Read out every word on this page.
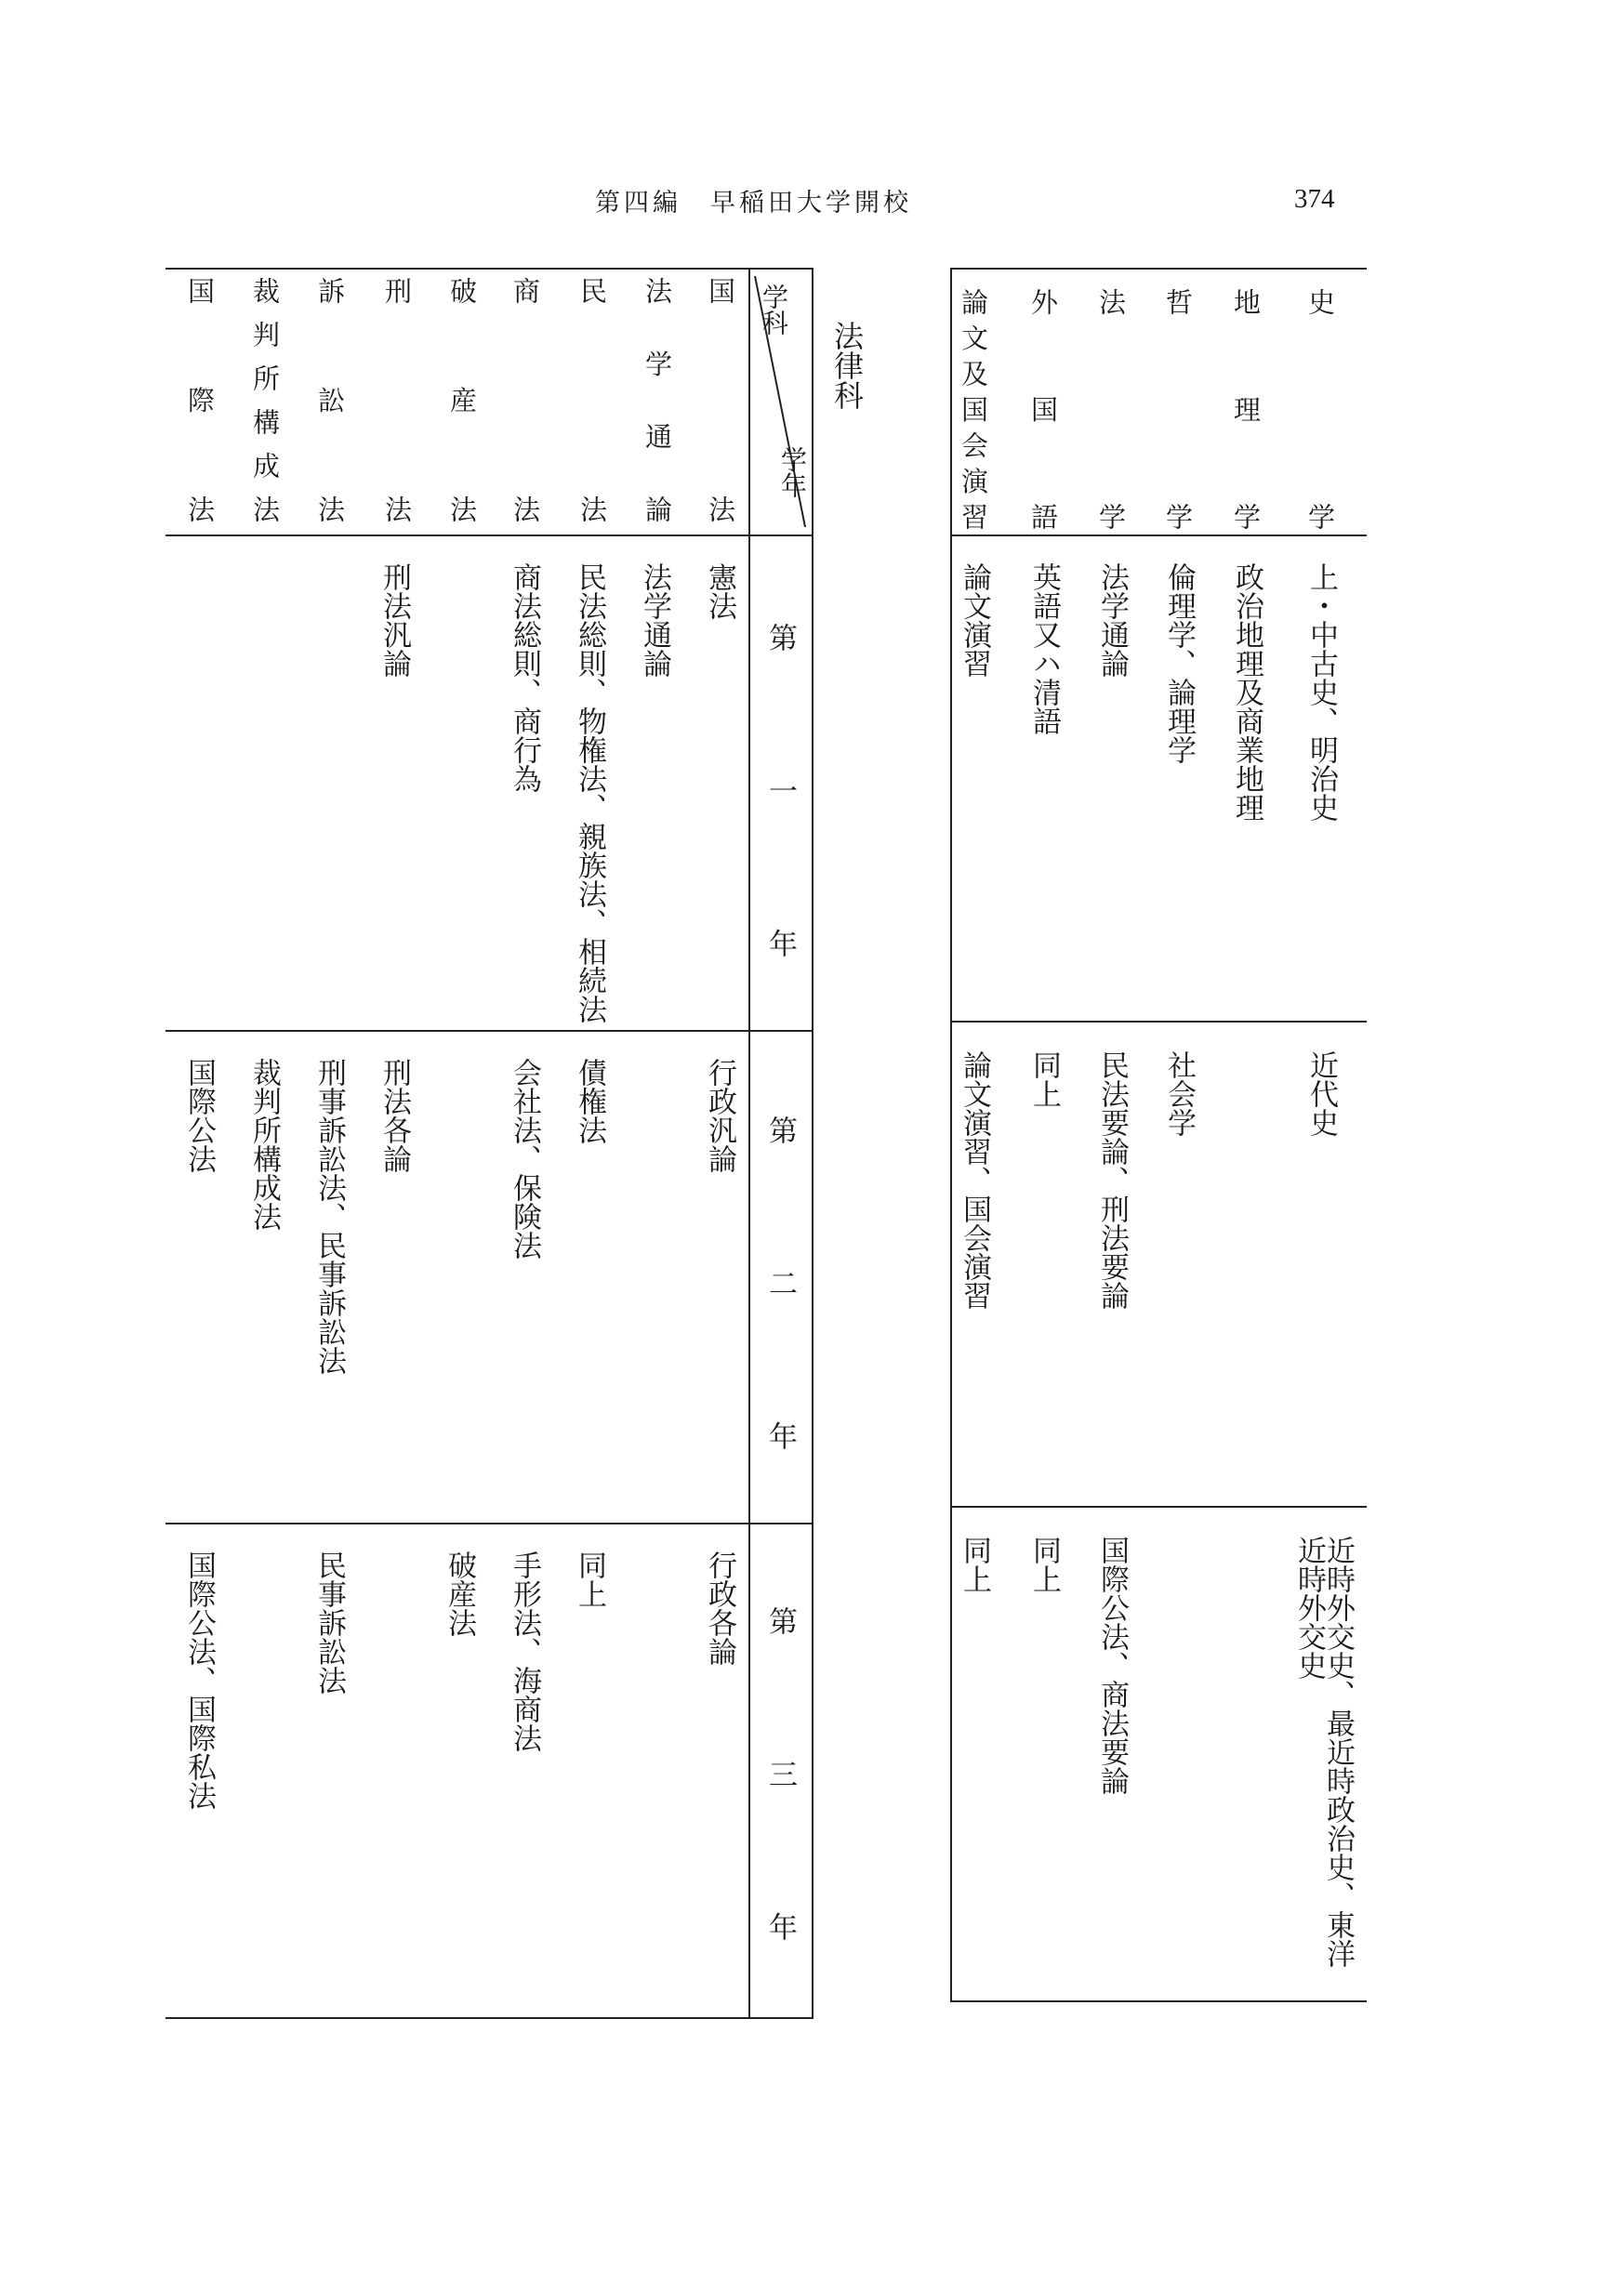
第四編　早稲田大学開校	374
法律科	史学
地理学
哲学
法学
外国語
論文及国会演習
上・中古史、明治史
政治地理及商業地理
倫理学、論理学
法学通論
英語又ハ清語
論文演習
近代史
社会学
民法要論、刑法要論
同上
論文演習、国会演習
近時外交史、最近時政治史、東洋近時外交史
国際公法、商法要論
同上
同上
学科
学年
第一年
第二年
第三年
国法
法学通論
民法
商法
破産法
刑法
訴訟法
裁判所構成法
国際法
憲法
法学通論
民法総則、物権法、親族法、相続法
商法総則、商行為
刑法汎論
行政汎論
債権法
会社法、保険法
刑法各論
刑事訴訟法、民事訴訟法
裁判所構成法
国際公法
行政各論
同上
手形法、海商法
破産法
民事訴訟法
国際公法、国際私法
